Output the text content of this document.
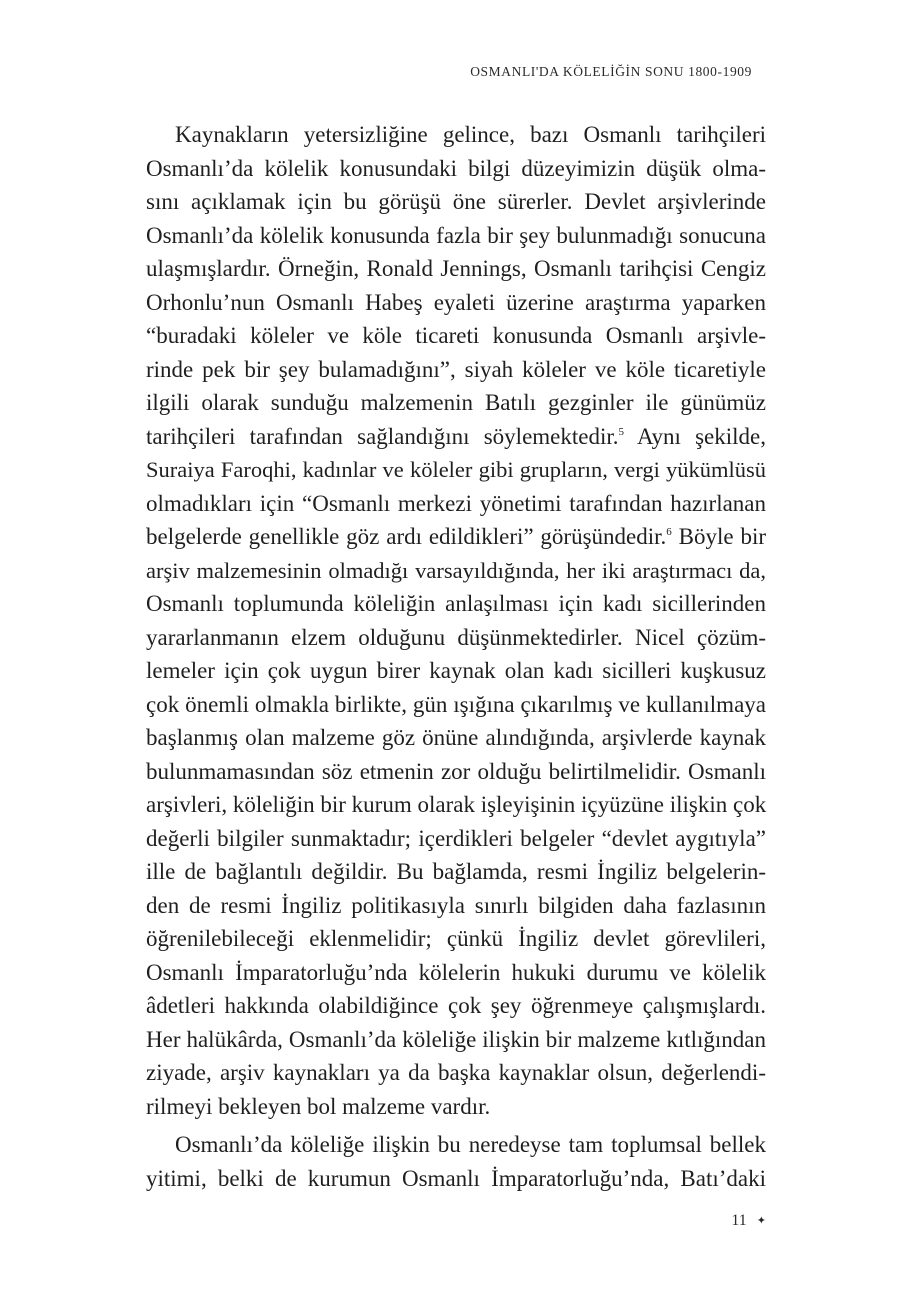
OSMANLI'DA KÖLELİĞİN SONU 1800-1909
Kaynakların yetersizliğine gelince, bazı Osmanlı tarihçileri
Osmanlı’da kölelik konusundaki bilgi düzeyimizin düşük olma-
sını açıklamak için bu görüşü öne sürerler. Devlet arşivlerinde
Osmanlı’da kölelik konusunda fazla bir şey bulunmadığı sonucuna
ulaşmışlardır. Örneğin, Ronald Jennings, Osmanlı tarihçisi Cengiz
Orhonlu’nun Osmanlı Habeş eyaleti üzerine araştırma yaparken
“buradaki köleler ve köle ticareti konusunda Osmanlı arşivle-
rinde pek bir şey bulamadığını”, siyah köleler ve köle ticaretiyle
ilgili olarak sunduğu malzemenin Batılı gezginler ile günümüz
tarihçileri tarafından sağlandığını söylemektedir.$^5$ Aynı şekilde,
Suraiya Faroqhi, kadınlar ve köleler gibi grupların, vergi yükümlüsü
olmadıkları için “Osmanlı merkezi yönetimi tarafından hazırlanan
belgelerde genellikle göz ardı edildikleri” görüşündedir.$^6$ Böyle bir
arşiv malzemesinin olmadığı varsayıldığında, her iki araştırmacı da,
Osmanlı toplumunda köleliğin anlaşılması için kadı sicillerinden
yararlanmanın elzem olduğunu düşünmektedirler. Nicel çözüm-
lemeler için çok uygun birer kaynak olan kadı sicilleri kuşkusuz
çok önemli olmakla birlikte, gün ışığına çıkarılmış ve kullanılmaya
başlanmış olan malzeme göz önüne alındığında, arşivlerde kaynak
bulunmamasından söz etmenin zor olduğu belirtilmelidir. Osmanlı
arşivleri, köleliğin bir kurum olarak işleyişinin içyüzüne ilişkin çok
değerli bilgiler sunmaktadır; içerdikleri belgeler “devlet aygıtıyla”
ille de bağlantılı değildir. Bu bağlamda, resmi İngiliz belgelerin-
den de resmi İngiliz politikasıyla sınırlı bilgiden daha fazlasının
öğrenilebileceği eklenmelidir; çünkü İngiliz devlet görevlileri,
Osmanlı İmparatorluğu’nda kölelerin hukuki durumu ve kölelik
âdetleri hakkında olabildiğince çok şey öğrenmeye çalışmışlardı.
Her halükârda, Osmanlı’da köleliğe ilişkin bir malzeme kıtlığından
ziyade, arşiv kaynakları ya da başka kaynaklar olsun, değerlendi-
rilmeyi bekleyen bol malzeme vardır.
Osmanlı’da köleliğe ilişkin bu neredeyse tam toplumsal bellek
yitimi, belki de kurumun Osmanlı İmparatorluğu’nda, Batı’daki
11 ✦
